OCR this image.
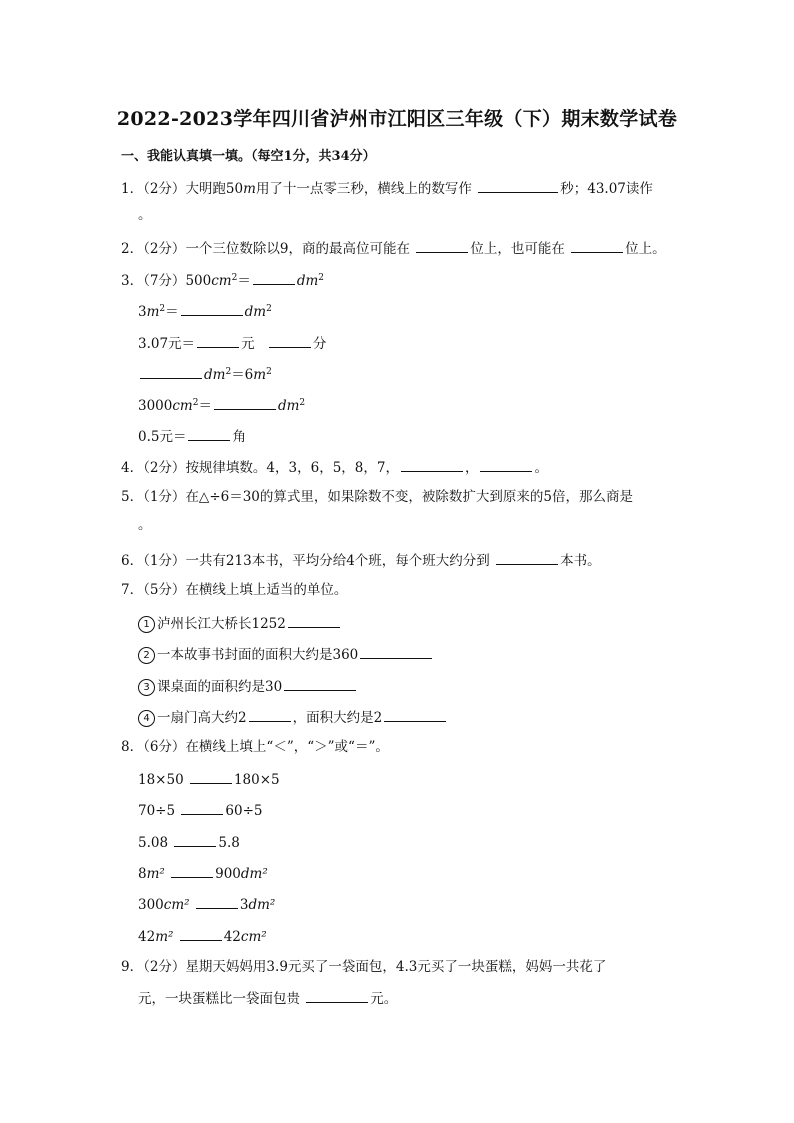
2022-2023学年四川省泸州市江阳区三年级（下）期末数学试卷
一、我能认真填一填。（每空1分，共34分）
1．（2分）大明跑50m用了十一点零三秒，横线上的数写作	秒；43.07读作
。
2．（2分）一个三位数除以9，商的最高位可能在	位上，也可能在	位上。
3．（7分）$500cm^2=$	$dm^2$
$3m^2=$	$dm^2$
3.07元＝	元	分
$dm^2=6m^2$
$3000cm^2=$	$dm^2$
0.5元＝	角
4．（2分）按规律填数。4，3，6，5，8，7，	，	。
5．（1分）在△÷6＝30的算式里，如果除数不变，被除数扩大到原来的5倍，那么商是
。
6．（1分）一共有213本书，平均分给4个班，每个班大约分到	本书。
7．（5分）在横线上填上适当的单位。
1 泸州长江大桥长1252
2 一本故事书封面的面积大约是360
3 课桌面的面积约是30
4 一扇门高大约2	，面积大约是2
8．（6分）在横线上填上“＜”，“＞”或“＝”。
18×50	180×5
70÷5	60÷5
5.08	5.8
8m²	900dm²
300cm²	3dm²
42m²	42cm²
9．（2分）星期天妈妈用3.9元买了一袋面包，4.3元买了一块蛋糕，妈妈一共花了
元，一块蛋糕比一袋面包贵	元。
